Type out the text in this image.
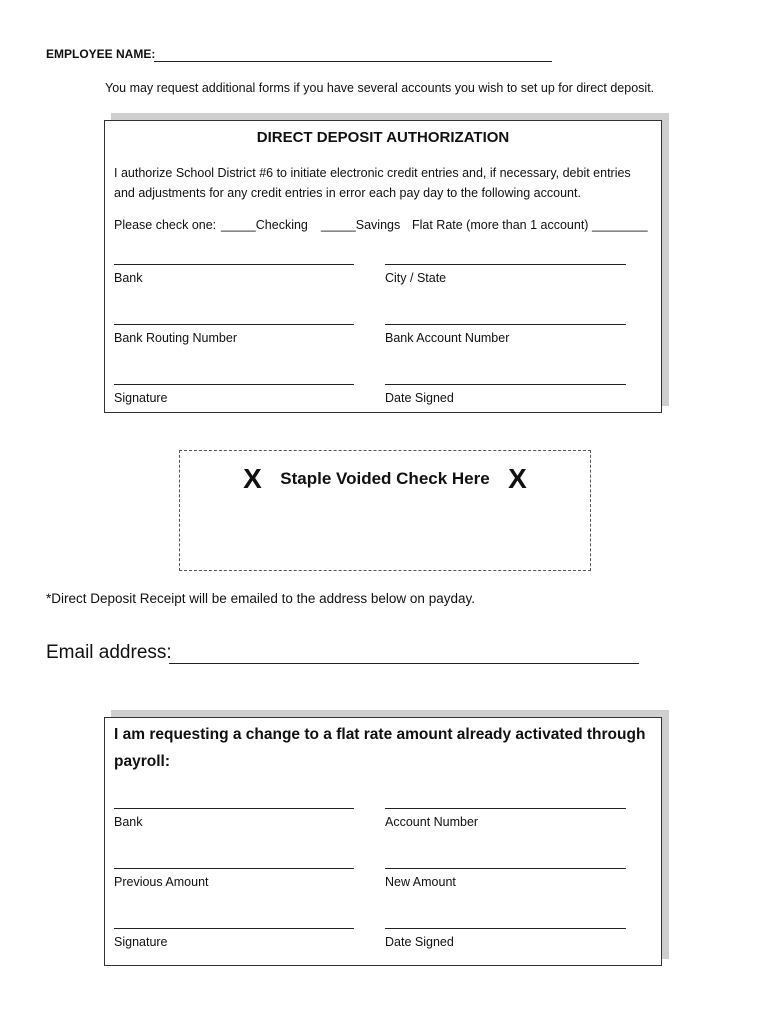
EMPLOYEE NAME:
You may request additional forms if you have several accounts you wish to set up for direct deposit.
DIRECT DEPOSIT AUTHORIZATION
I authorize School District #6 to initiate electronic credit entries and, if necessary, debit entries
and adjustments for any credit entries in error each pay day to the following account.
Please check one: _____Checking _____Savings Flat Rate (more than 1 account) ________
Bank	City / State
Bank Routing Number	Bank Account Number
Signature	Date Signed
X Staple Voided Check Here X
*Direct Deposit Receipt will be emailed to the address below on payday.
Email address:
I am requesting a change to a flat rate amount already activated through
payroll:
Bank	Account Number
Previous Amount	New Amount
Signature	Date Signed
